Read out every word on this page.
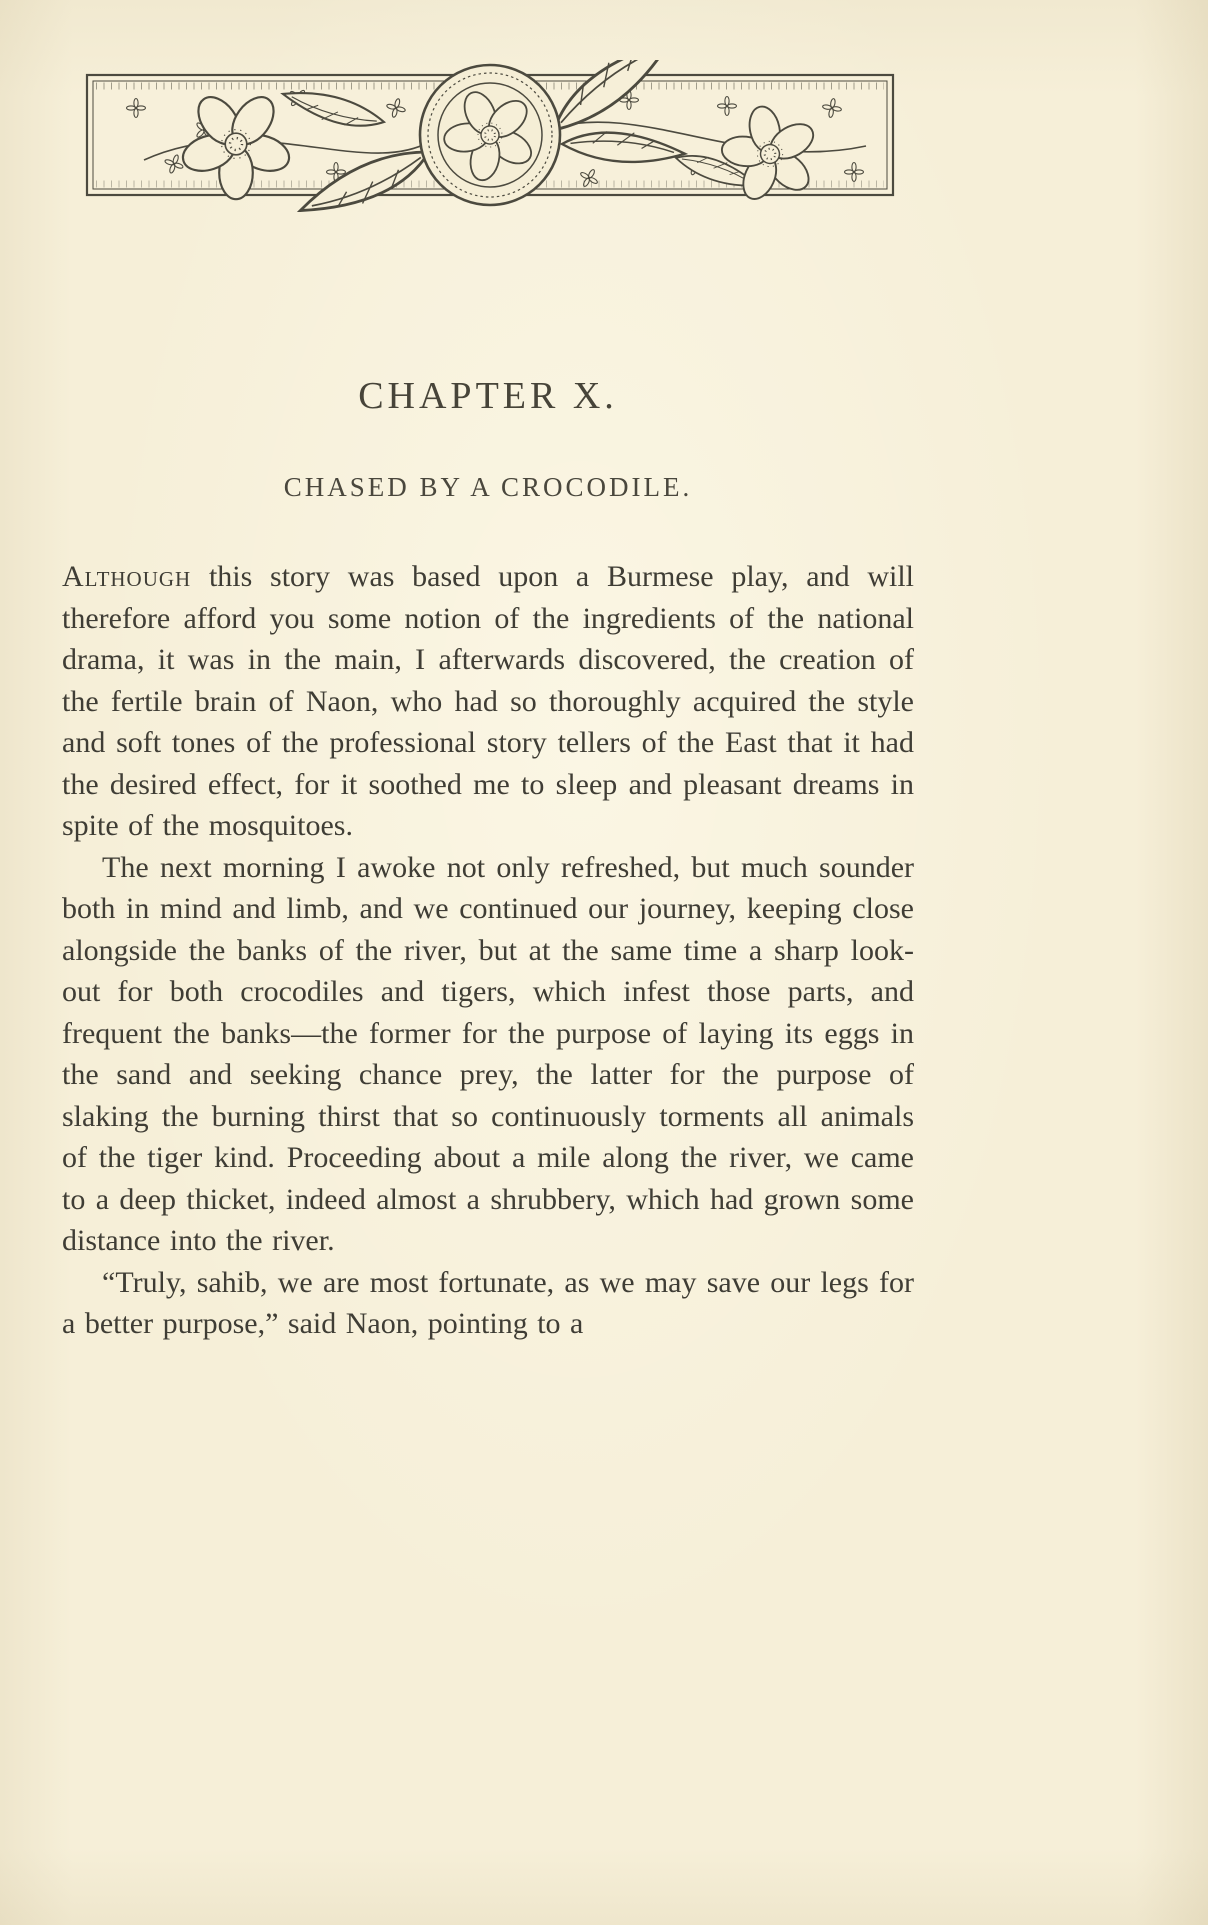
CHAPTER X.
CHASED BY A CROCODILE.

Although this story was based upon a Burmese play, and will therefore afford you some notion of the ingredients of the national drama, it was in the main, I afterwards discovered, the creation of the fertile brain of Naon, who had so thoroughly acquired the style and soft tones of the professional story tellers of the East that it had the desired effect, for it soothed me to sleep and pleasant dreams in spite of the mosquitoes.

The next morning I awoke not only refreshed, but much sounder both in mind and limb, and we continued our journey, keeping close alongside the banks of the river, but at the same time a sharp look-out for both crocodiles and tigers, which infest those parts, and frequent the banks—the former for the purpose of laying its eggs in the sand and seeking chance prey, the latter for the purpose of slaking the burning thirst that so continuously torments all animals of the tiger kind. Proceeding about a mile along the river, we came to a deep thicket, indeed almost a shrubbery, which had grown some distance into the river.

“Truly, sahib, we are most fortunate, as we may save our legs for a better purpose,” said Naon, pointing to a
